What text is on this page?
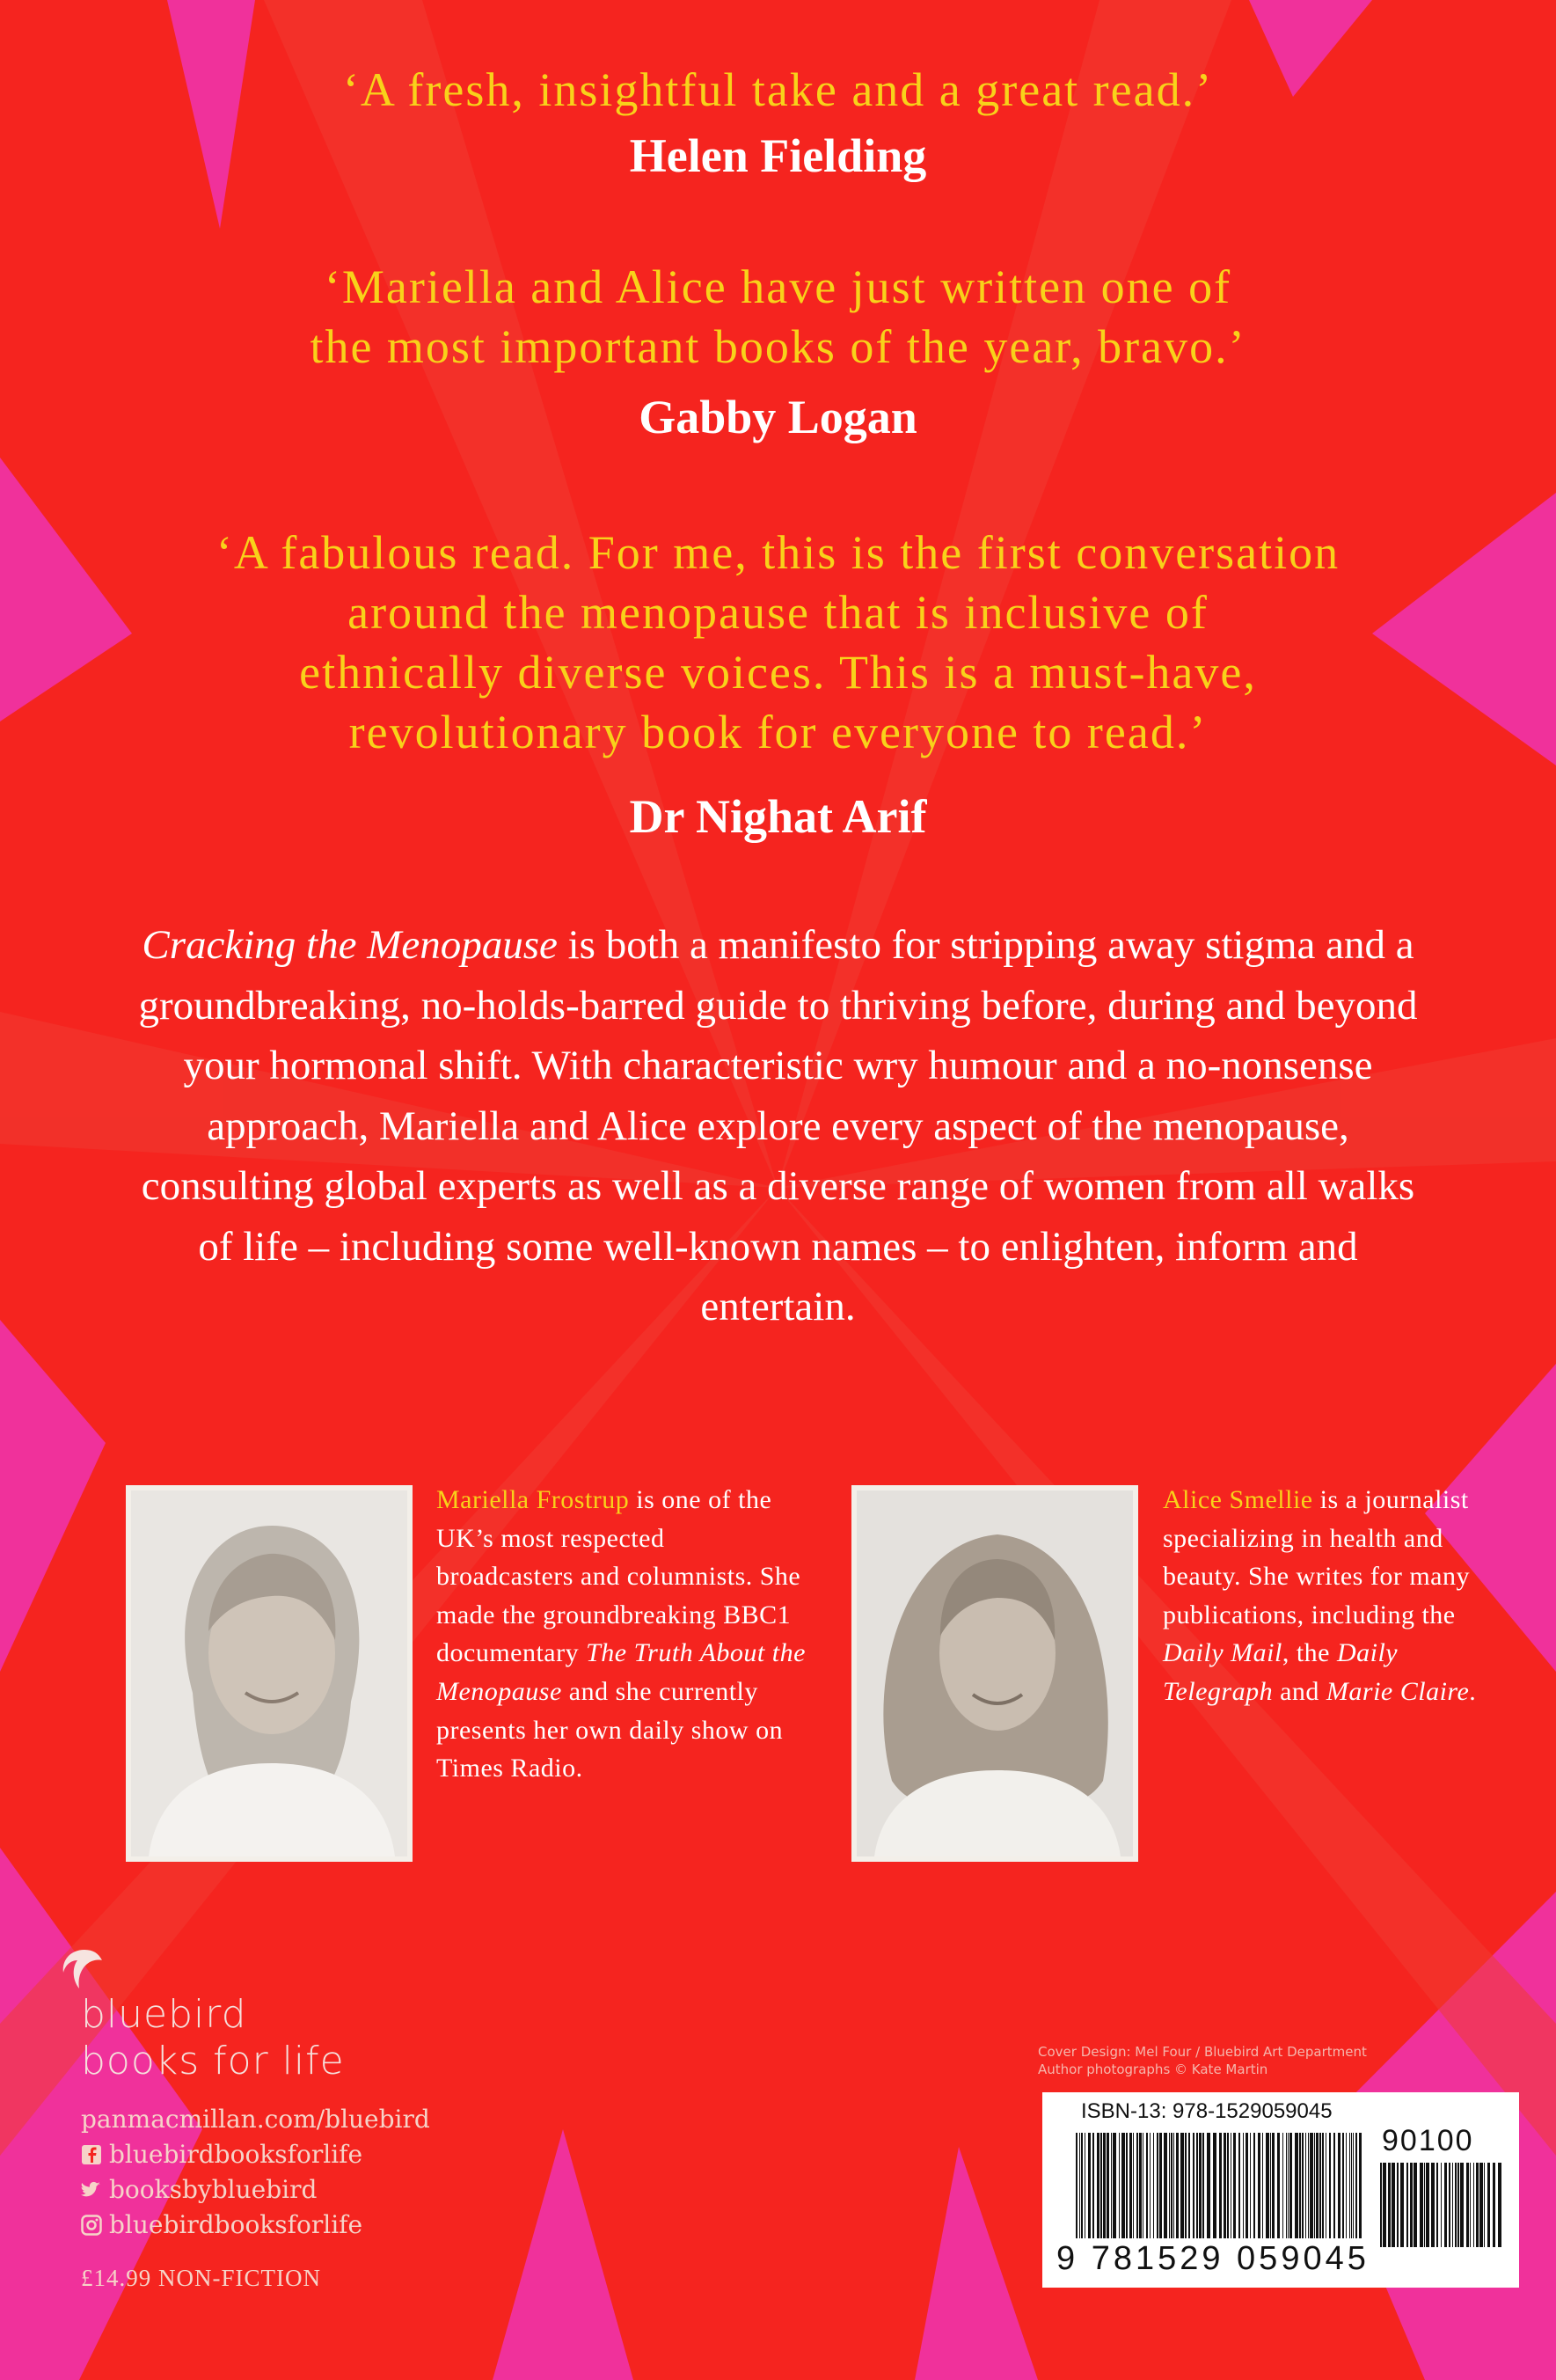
‘A fresh, insightful take and a great read.’
Helen Fielding
‘Mariella and Alice have just written one of
the most important books of the year, bravo.’
Gabby Logan
‘A fabulous read. For me, this is the first conversation
around the menopause that is inclusive of
ethnically diverse voices. This is a must-have,
revolutionary book for everyone to read.’
Dr Nighat Arif
Cracking the Menopause is both a manifesto for stripping away stigma and a groundbreaking, no-holds-barred guide to thriving before, during and beyond your hormonal shift. With characteristic wry humour and a no-nonsense approach, Mariella and Alice explore every aspect of the menopause, consulting global experts as well as a diverse range of women from all walks of life – including some well-known names – to enlighten, inform and entertain.
Mariella Frostrup is one of the UK’s most respected broadcasters and columnists. She made the groundbreaking BBC1 documentary The Truth About the Menopause and she currently presents her own daily show on Times Radio.
Alice Smellie is a journalist specializing in health and beauty. She writes for many publications, including the Daily Mail, the Daily Telegraph and Marie Claire.
bluebird
books for life
panmacmillan.com/bluebird
bluebirdbooksforlife
booksbybluebird
bluebirdbooksforlife
£14.99 NON-FICTION
Cover Design: Mel Four / Bluebird Art Department
Author photographs © Kate Martin
ISBN-13: 978-1529059045
90100
9 781529 059045
